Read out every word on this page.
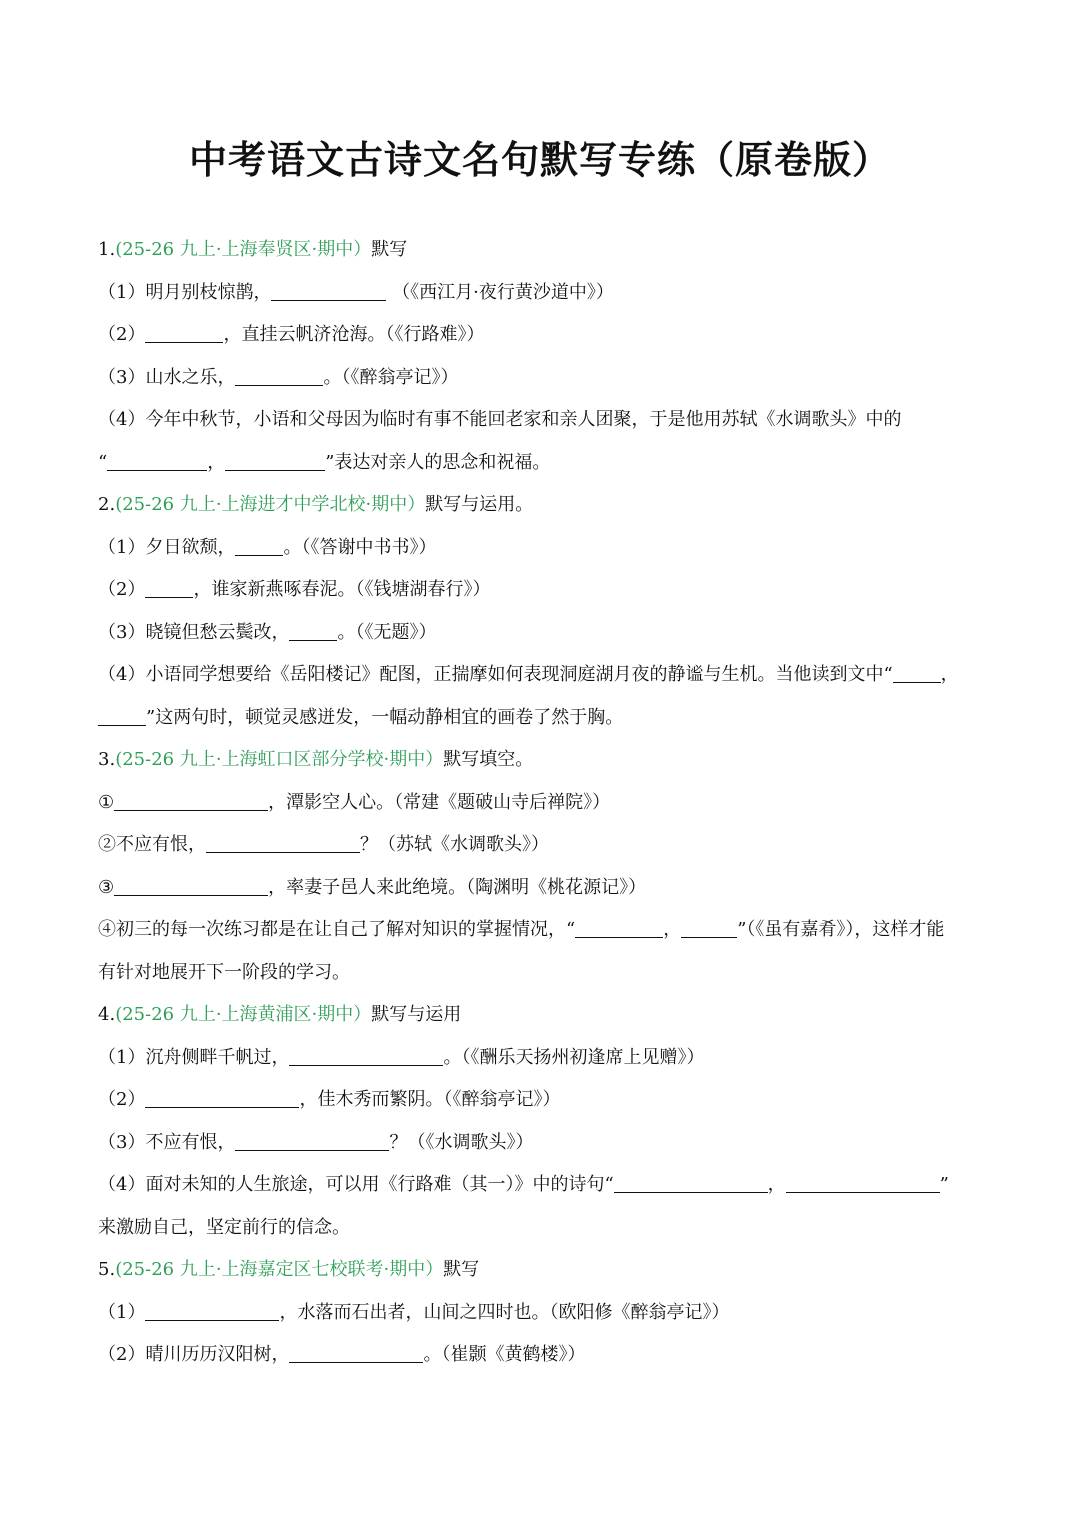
中考语文古诗文名句默写专练（原卷版）
1.(25-26 九上·上海奉贤区·期中）默写
（1）明月别枝惊鹊，	（《西江月·夜行黄沙道中》）
（2）	，直挂云帆济沧海。（《行路难》）
（3）山水之乐，	。（《醉翁亭记》）
（4）今年中秋节，小语和父母因为临时有事不能回老家和亲人团聚，于是他用苏轼《水调歌头》中的
“	，	”表达对亲人的思念和祝福。
2.(25-26 九上·上海进才中学北校·期中）默写与运用。
（1）夕日欲颓，	。（《答谢中书书》）
（2）	，谁家新燕啄春泥。（《钱塘湖春行》）
（3）晓镜但愁云鬓改，	。（《无题》）
（4）小语同学想要给《岳阳楼记》配图，正揣摩如何表现洞庭湖月夜的静谧与生机。当他读到文中“	，
”这两句时，顿觉灵感迸发，一幅动静相宜的画卷了然于胸。
3.(25-26 九上·上海虹口区部分学校·期中）默写填空。
①	，潭影空人心。（常建《题破山寺后禅院》）
②不应有恨，	？（苏轼《水调歌头》）
③	，率妻子邑人来此绝境。（陶渊明《桃花源记》）
④初三的每一次练习都是在让自己了解对知识的掌握情况，“	，	”（《虽有嘉肴》），这样才能
有针对地展开下一阶段的学习。
4.(25-26 九上·上海黄浦区·期中）默写与运用
（1）沉舟侧畔千帆过，	。（《酬乐天扬州初逢席上见赠》）
（2）	，佳木秀而繁阴。（《醉翁亭记》）
（3）不应有恨，	？（《水调歌头》）
（4）面对未知的人生旅途，可以用《行路难（其一）》中的诗句“	，	”
来激励自己，坚定前行的信念。
5.(25-26 九上·上海嘉定区七校联考·期中）默写
（1）	，水落而石出者，山间之四时也。（欧阳修《醉翁亭记》）
（2）晴川历历汉阳树，	。（崔颢《黄鹤楼》）
